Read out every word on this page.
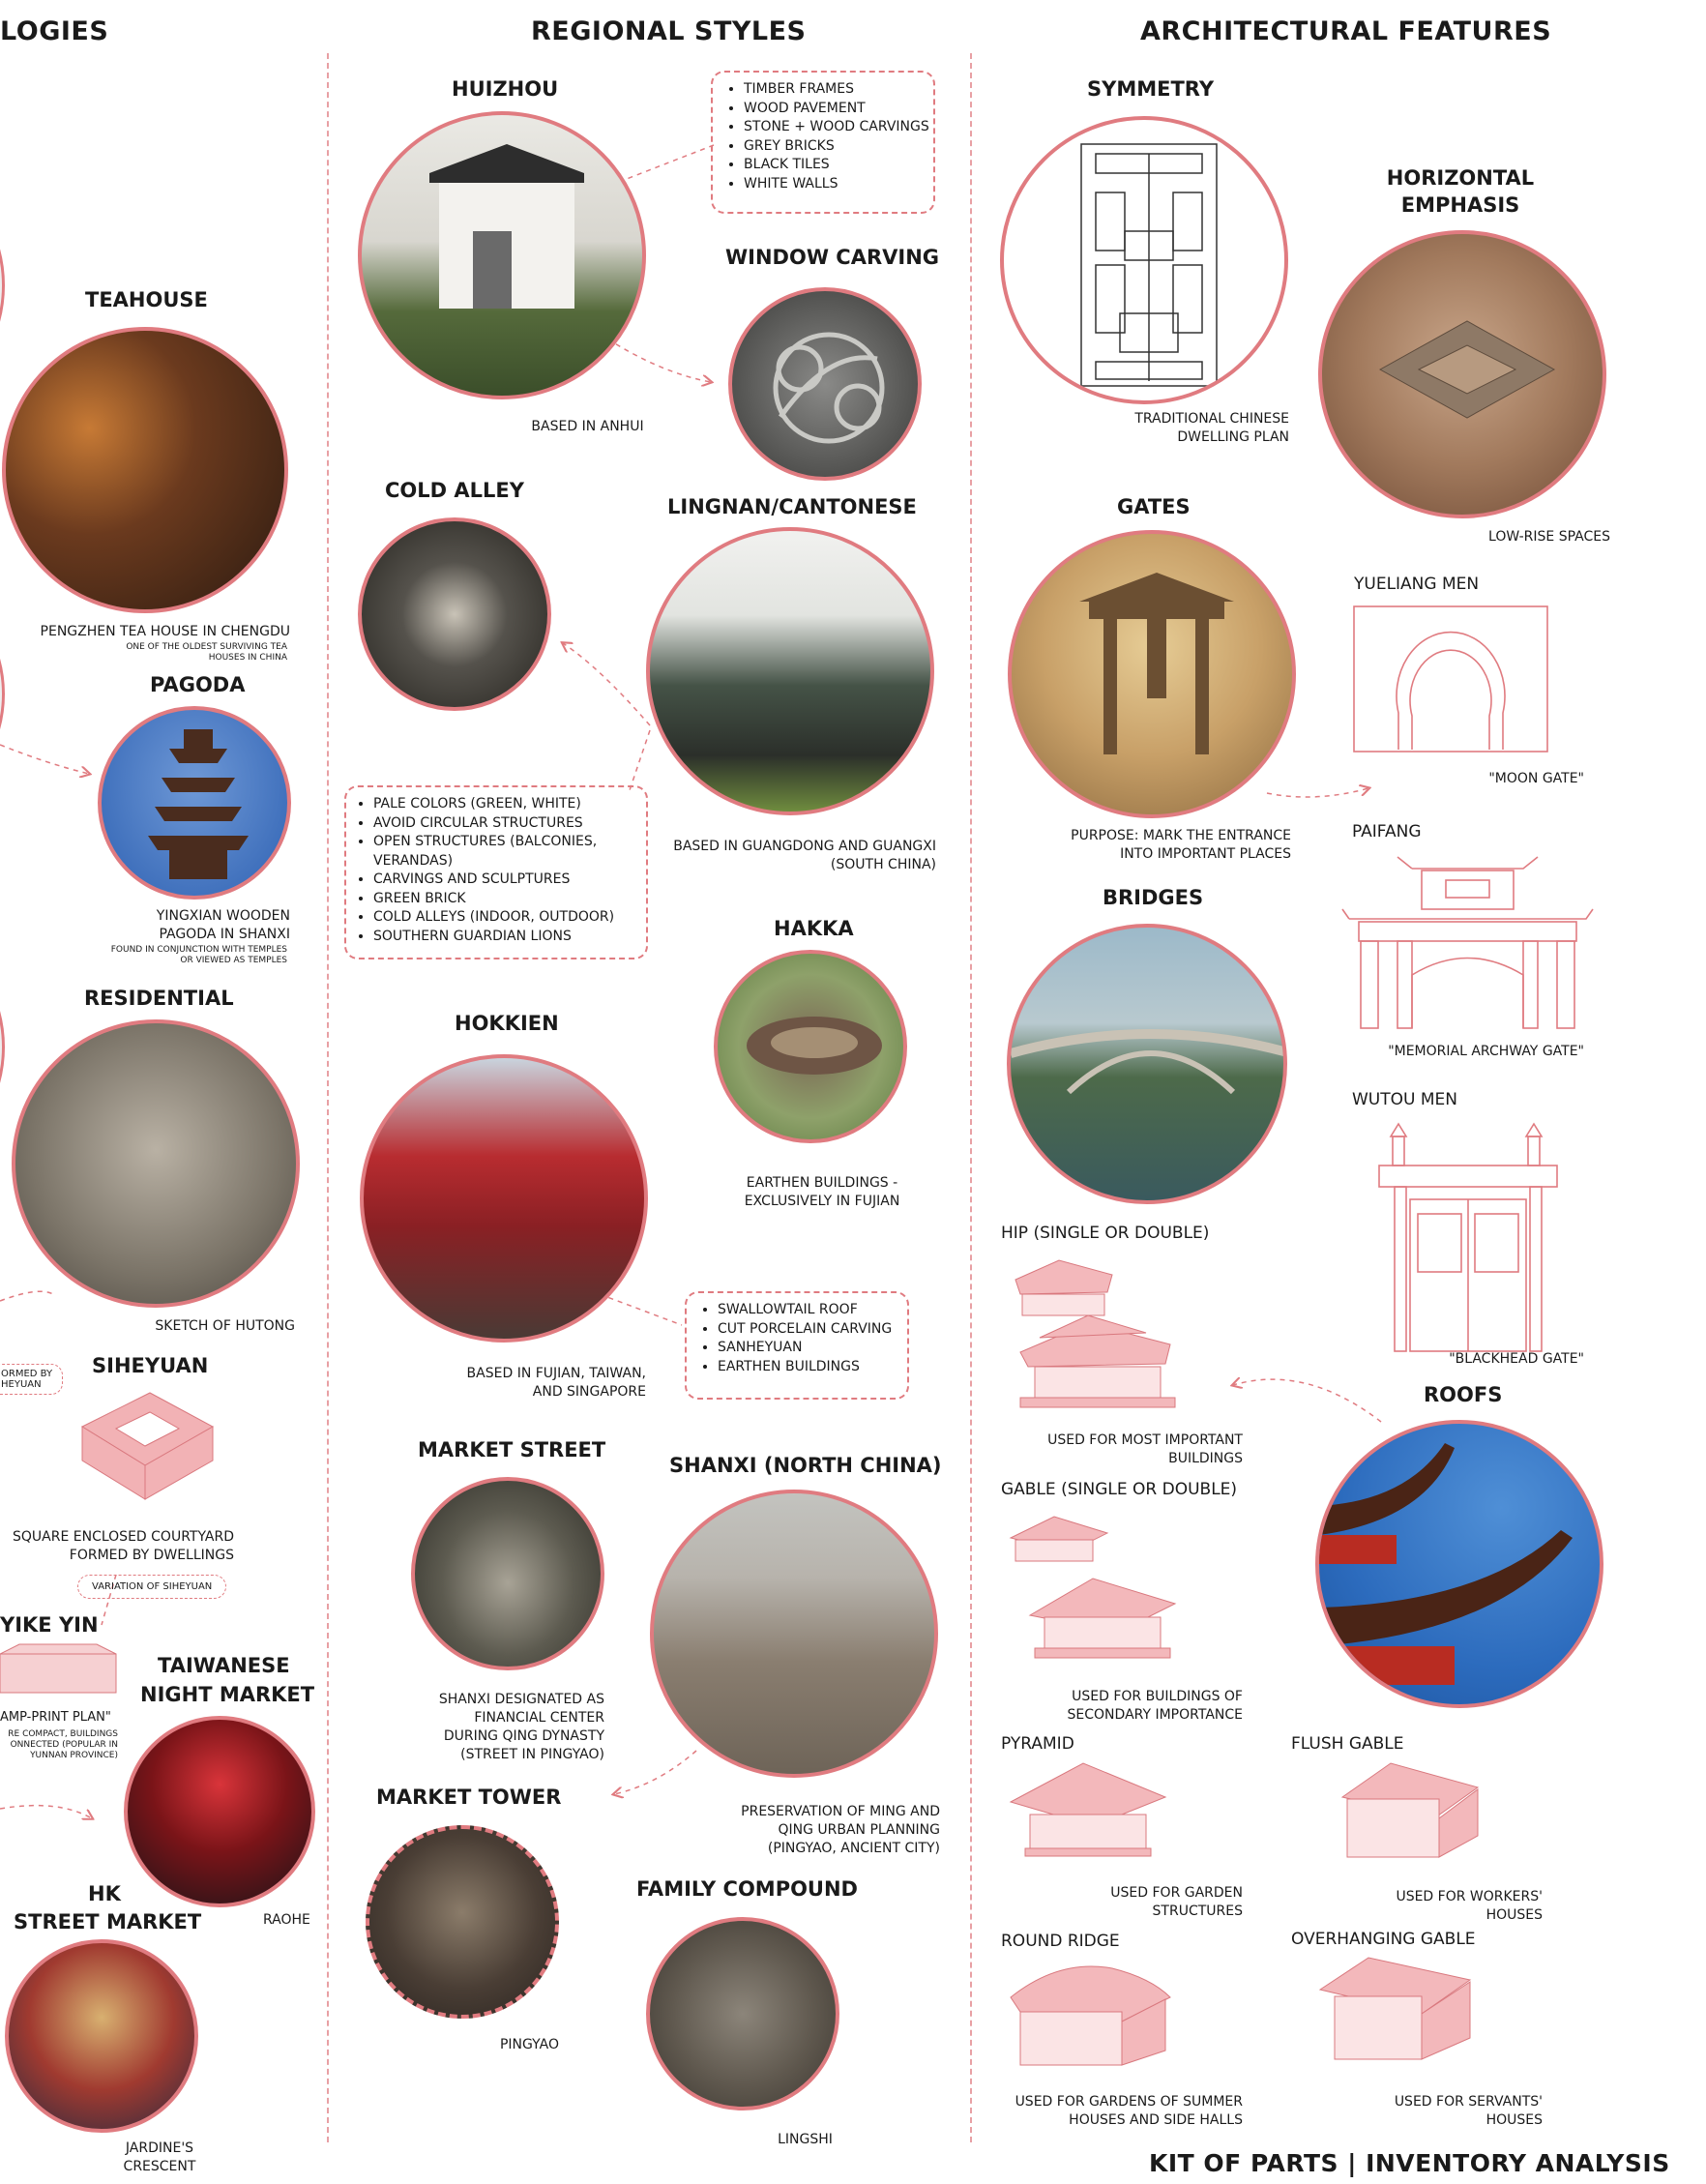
LOGIES	REGIONAL STYLES	ARCHITECTURAL FEATURES
TEAHOUSE
PENGZHEN TEA HOUSE IN CHENGDU
ONE OF THE OLDEST SURVIVING TEA
HOUSES IN CHINA
PAGODA
YINGXIAN WOODEN
PAGODA IN SHANXI
FOUND IN CONJUNCTION WITH TEMPLES
OR VIEWED AS TEMPLES
RESIDENTIAL
SKETCH OF HUTONG
SIHEYUAN
ORMED BY
HEYUAN
SQUARE ENCLOSED COURTYARD
FORMED BY DWELLINGS
VARIATION OF SIHEYUAN
YIKE YIN
AMP-PRINT PLAN"
RE COMPACT, BUILDINGS
ONNECTED (POPULAR IN
YUNNAN PROVINCE)
TAIWANESE
NIGHT MARKET
RAOHE
HK
STREET MARKET
JARDINE'S
CRESCENT
HUIZHOU
BASED IN ANHUI
• TIMBER FRAMES
• WOOD PAVEMENT
• STONE + WOOD CARVINGS
• GREY BRICKS
• BLACK TILES
• WHITE WALLS
WINDOW CARVING
COLD ALLEY
LINGNAN/CANTONESE
BASED IN GUANGDONG AND GUANGXI
(SOUTH CHINA)
• PALE COLORS (GREEN, WHITE)
• AVOID CIRCULAR STRUCTURES
• OPEN STRUCTURES (BALCONIES,
VERANDAS)
• CARVINGS AND SCULPTURES
• GREEN BRICK
• COLD ALLEYS (INDOOR, OUTDOOR)
• SOUTHERN GUARDIAN LIONS	HAKKA
EARTHEN BUILDINGS -
EXCLUSIVELY IN FUJIAN
HOKKIEN
BASED IN FUJIAN, TAIWAN,
AND SINGAPORE
• SWALLOWTAIL ROOF
• CUT PORCELAIN CARVING
• SANHEYUAN
• EARTHEN BUILDINGS
MARKET STREET
SHANXI DESIGNATED AS
FINANCIAL CENTER
DURING QING DYNASTY
(STREET IN PINGYAO)
SHANXI (NORTH CHINA)
PRESERVATION OF MING AND
QING URBAN PLANNING
(PINGYAO, ANCIENT CITY)
MARKET TOWER
PINGYAO
FAMILY COMPOUND
LINGSHI
SYMMETRY
TRADITIONAL CHINESE
DWELLING PLAN
HORIZONTAL
EMPHASIS
LOW-RISE SPACES
GATES
PURPOSE: MARK THE ENTRANCE
INTO IMPORTANT PLACES
YUELIANG MEN
"MOON GATE"
PAIFANG
"MEMORIAL ARCHWAY GATE"
BRIDGES
WUTOU MEN
"BLACKHEAD GATE"
HIP (SINGLE OR DOUBLE)
USED FOR MOST IMPORTANT
BUILDINGS
GABLE (SINGLE OR DOUBLE)
USED FOR BUILDINGS OF
SECONDARY IMPORTANCE
ROOFS
PYRAMID
USED FOR GARDEN
STRUCTURES
FLUSH GABLE
USED FOR WORKERS'
HOUSES
ROUND RIDGE
USED FOR GARDENS OF SUMMER
HOUSES AND SIDE HALLS
OVERHANGING GABLE
USED FOR SERVANTS'
HOUSES
KIT OF PARTS | INVENTORY ANALYSIS
